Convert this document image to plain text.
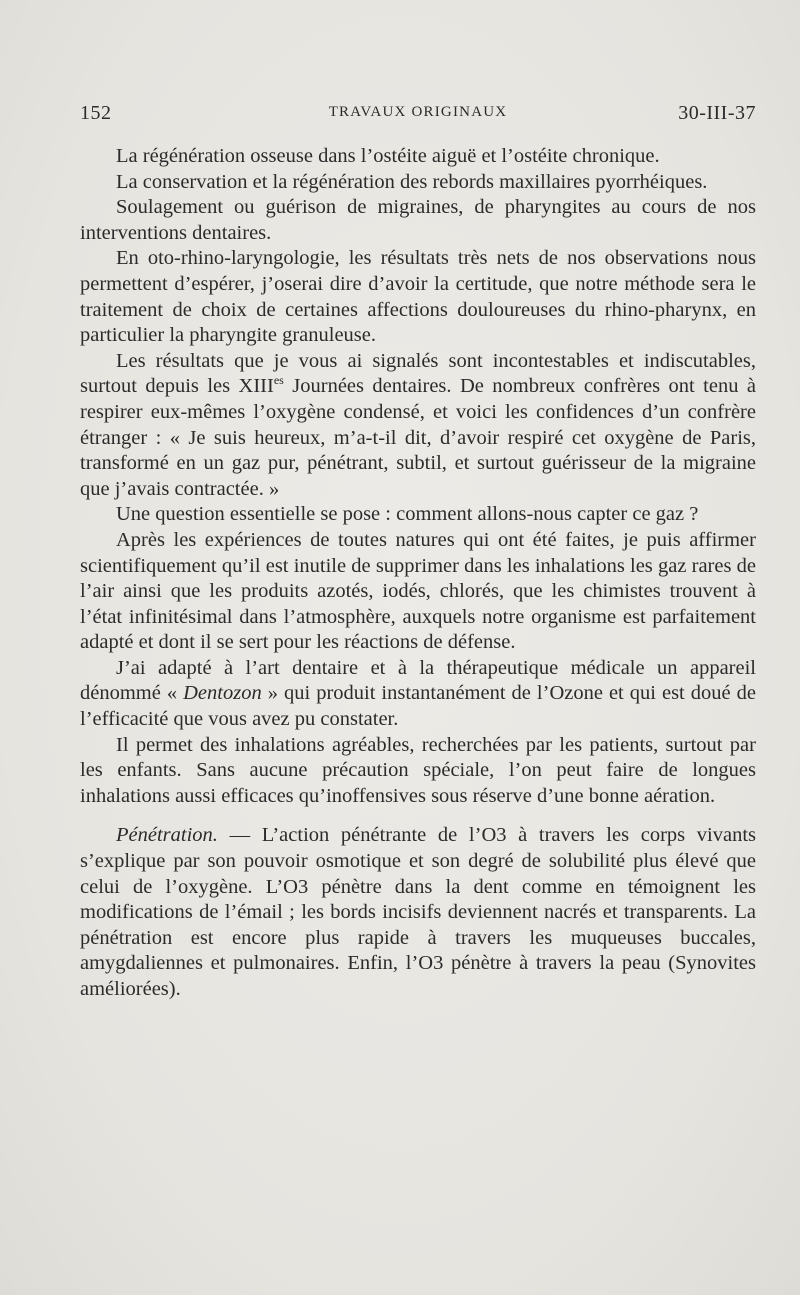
152	TRAVAUX ORIGINAUX	30-III-37

La régénération osseuse dans l’ostéite aiguë et l’ostéite chronique.

La conservation et la régénération des rebords maxillaires pyorrhéiques.

Soulagement ou guérison de migraines, de pharyngites au cours de nos interventions dentaires.

En oto-rhino-laryngologie, les résultats très nets de nos observations nous permettent d’espérer, j’oserai dire d’avoir la certitude, que notre méthode sera le traitement de choix de certaines affections douloureuses du rhino-pharynx, en particulier la pharyngite granuleuse.

Les résultats que je vous ai signalés sont incontestables et indiscutables, surtout depuis les $XIII^{es}$ Journées dentaires. De nombreux confrères ont tenu à respirer eux-mêmes l’oxygène condensé, et voici les confidences d’un confrère étranger : « Je suis heureux, m’a-t-il dit, d’avoir respiré cet oxygène de Paris, transformé en un gaz pur, pénétrant, subtil, et surtout guérisseur de la migraine que j’avais contractée. »

Une question essentielle se pose : comment allons-nous capter ce gaz ?

Après les expériences de toutes natures qui ont été faites, je puis affirmer scientifiquement qu’il est inutile de supprimer dans les inhalations les gaz rares de l’air ainsi que les produits azotés, iodés, chlorés, que les chimistes trouvent à l’état infinitésimal dans l’atmosphère, auxquels notre organisme est parfaitement adapté et dont il se sert pour les réactions de défense.

J’ai adapté à l’art dentaire et à la thérapeutique médicale un appareil dénommé « Dentozon » qui produit instantanément de l’Ozone et qui est doué de l’efficacité que vous avez pu constater.

Il permet des inhalations agréables, recherchées par les patients, surtout par les enfants. Sans aucune précaution spéciale, l’on peut faire de longues inhalations aussi efficaces qu’inoffensives sous réserve d’une bonne aération.

Pénétration. — L’action pénétrante de l’O3 à travers les corps vivants s’explique par son pouvoir osmotique et son degré de solubilité plus élevé que celui de l’oxygène. L’O3 pénètre dans la dent comme en témoignent les modifications de l’émail ; les bords incisifs deviennent nacrés et transparents. La pénétration est encore plus rapide à travers les muqueuses buccales, amygdaliennes et pulmonaires. Enfin, l’O3 pénètre à travers la peau (Synovites améliorées).
